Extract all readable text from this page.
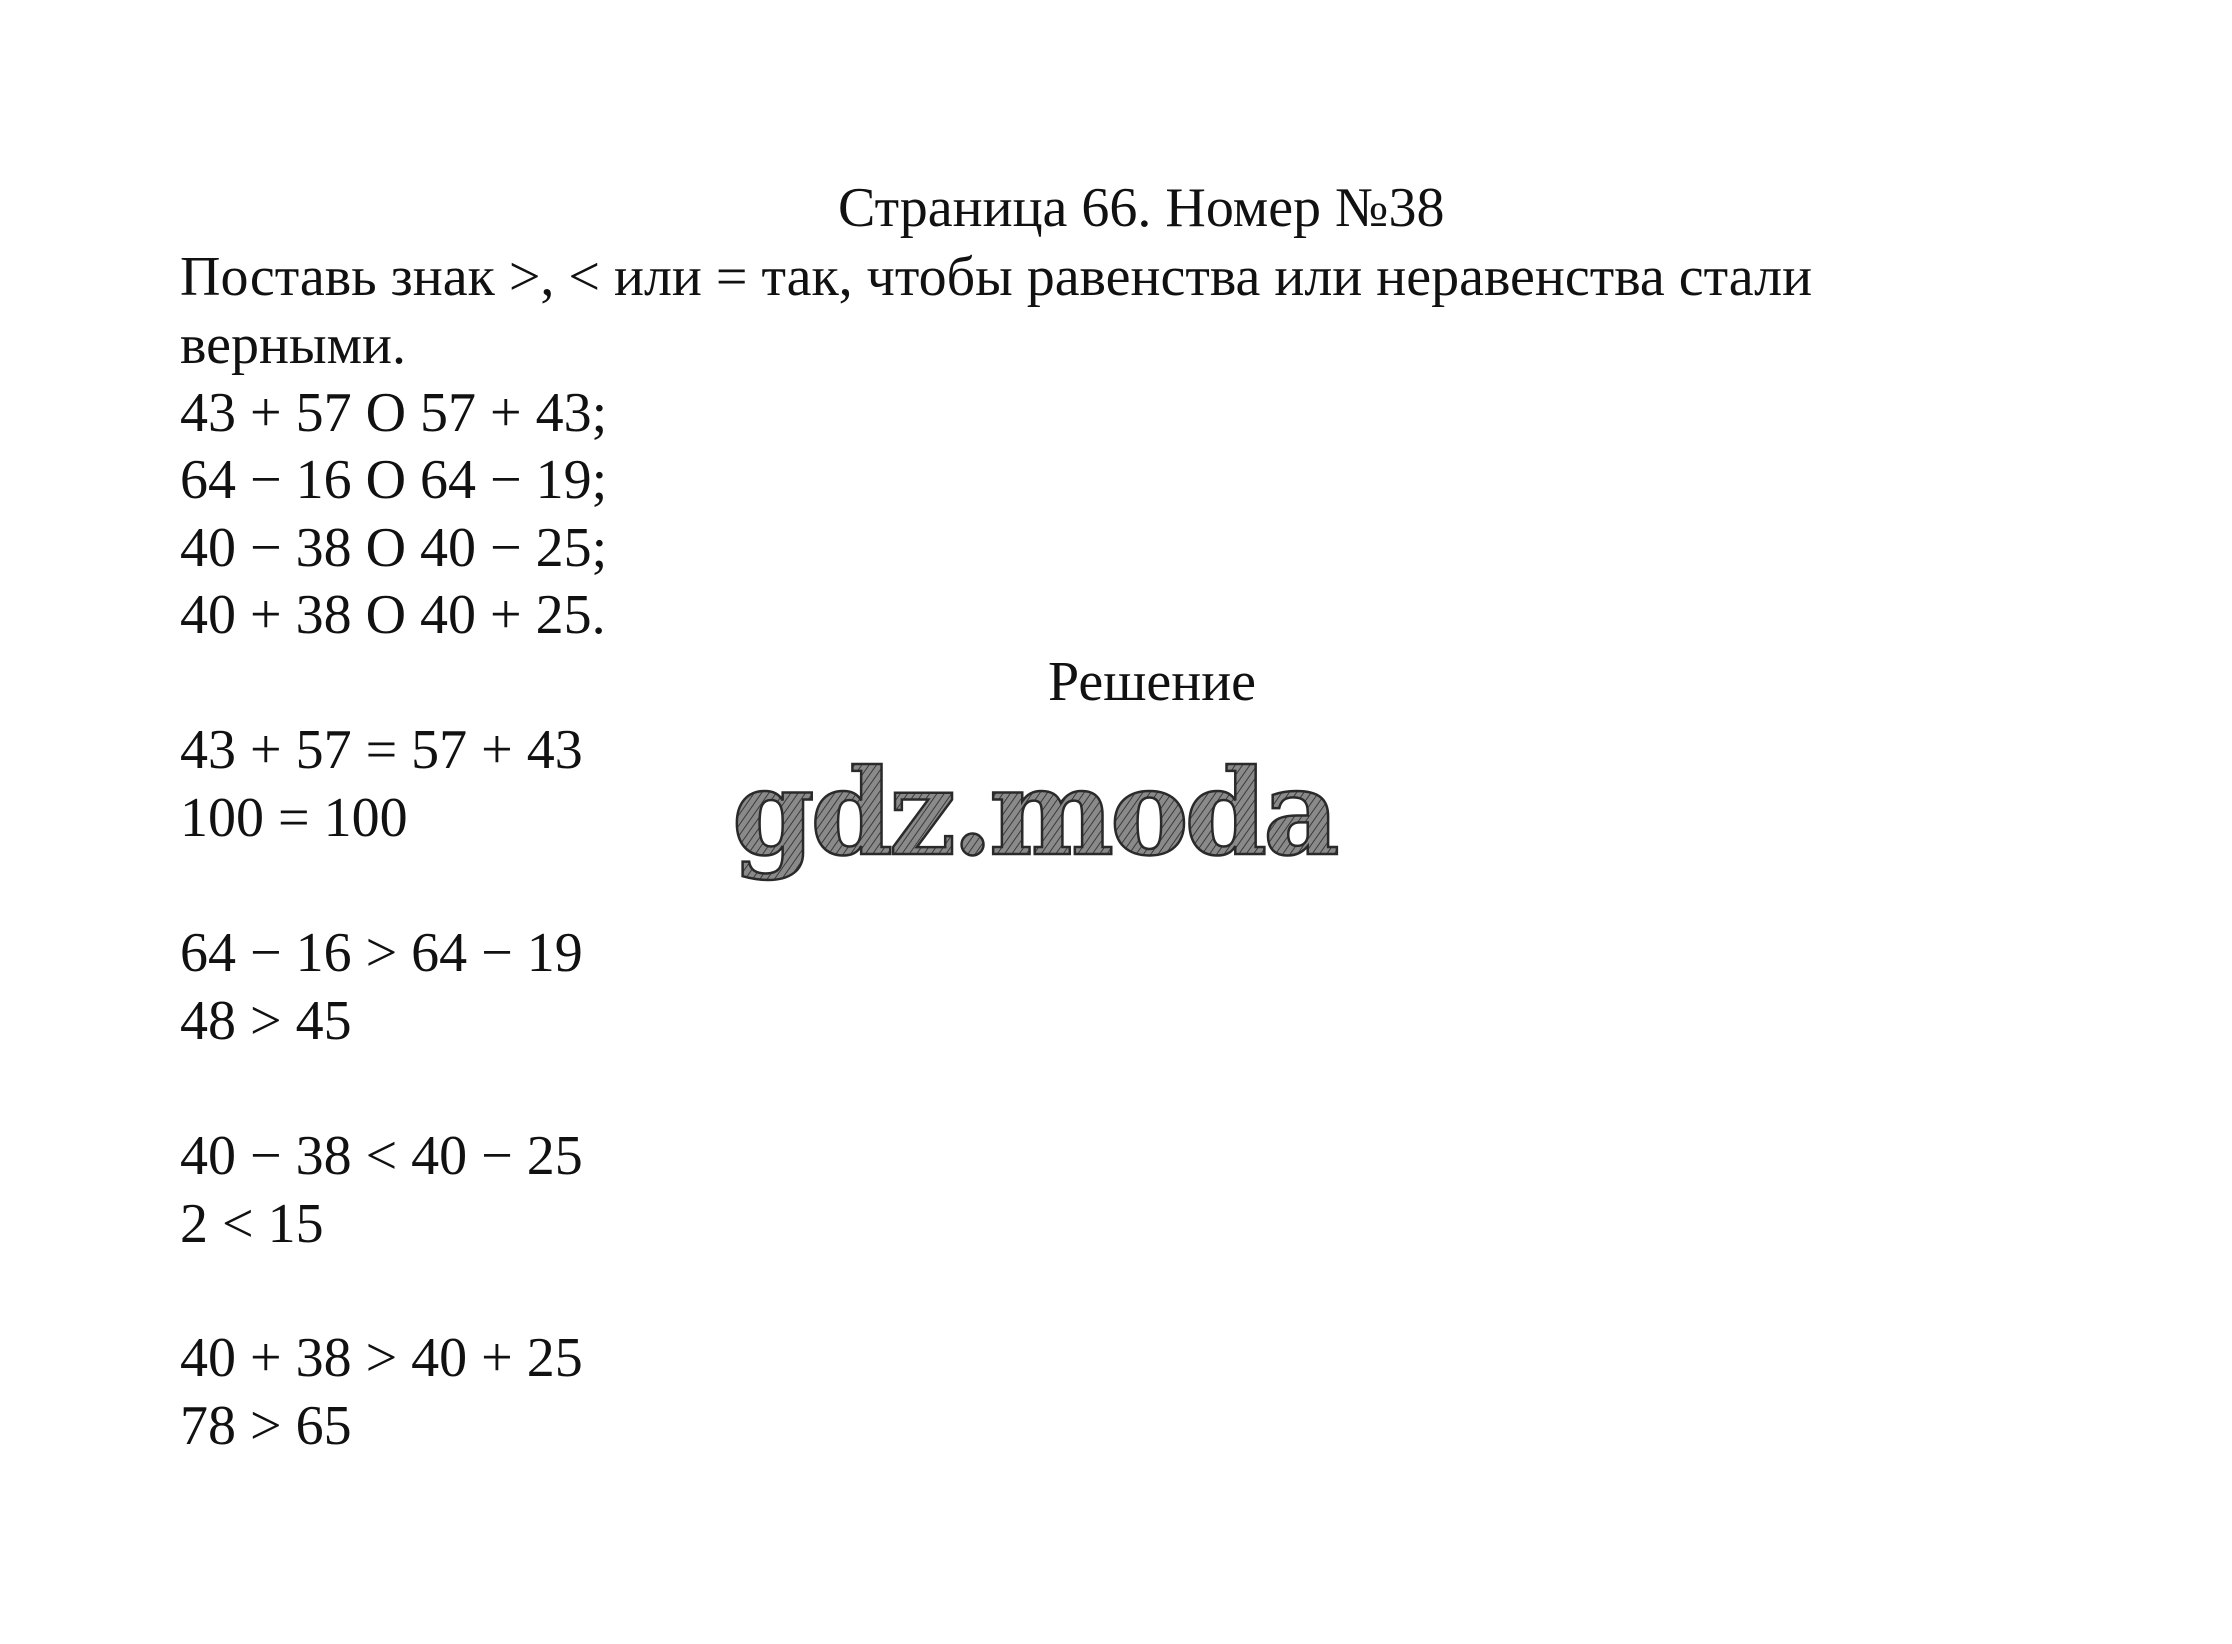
Страница 66. Номер №38
Поставь знак >, < или = так, чтобы равенства или неравенства стали
верными.
43 + 57 О 57 + 43;
64 − 16 О 64 − 19;
40 − 38 О 40 − 25;
40 + 38 О 40 + 25.
Решение
43 + 57 = 57 + 43
100 = 100
64 − 16 > 64 − 19
48 > 45
40 − 38 < 40 − 25
2 < 15
40 + 38 > 40 + 25
78 > 65
gdz.moda
